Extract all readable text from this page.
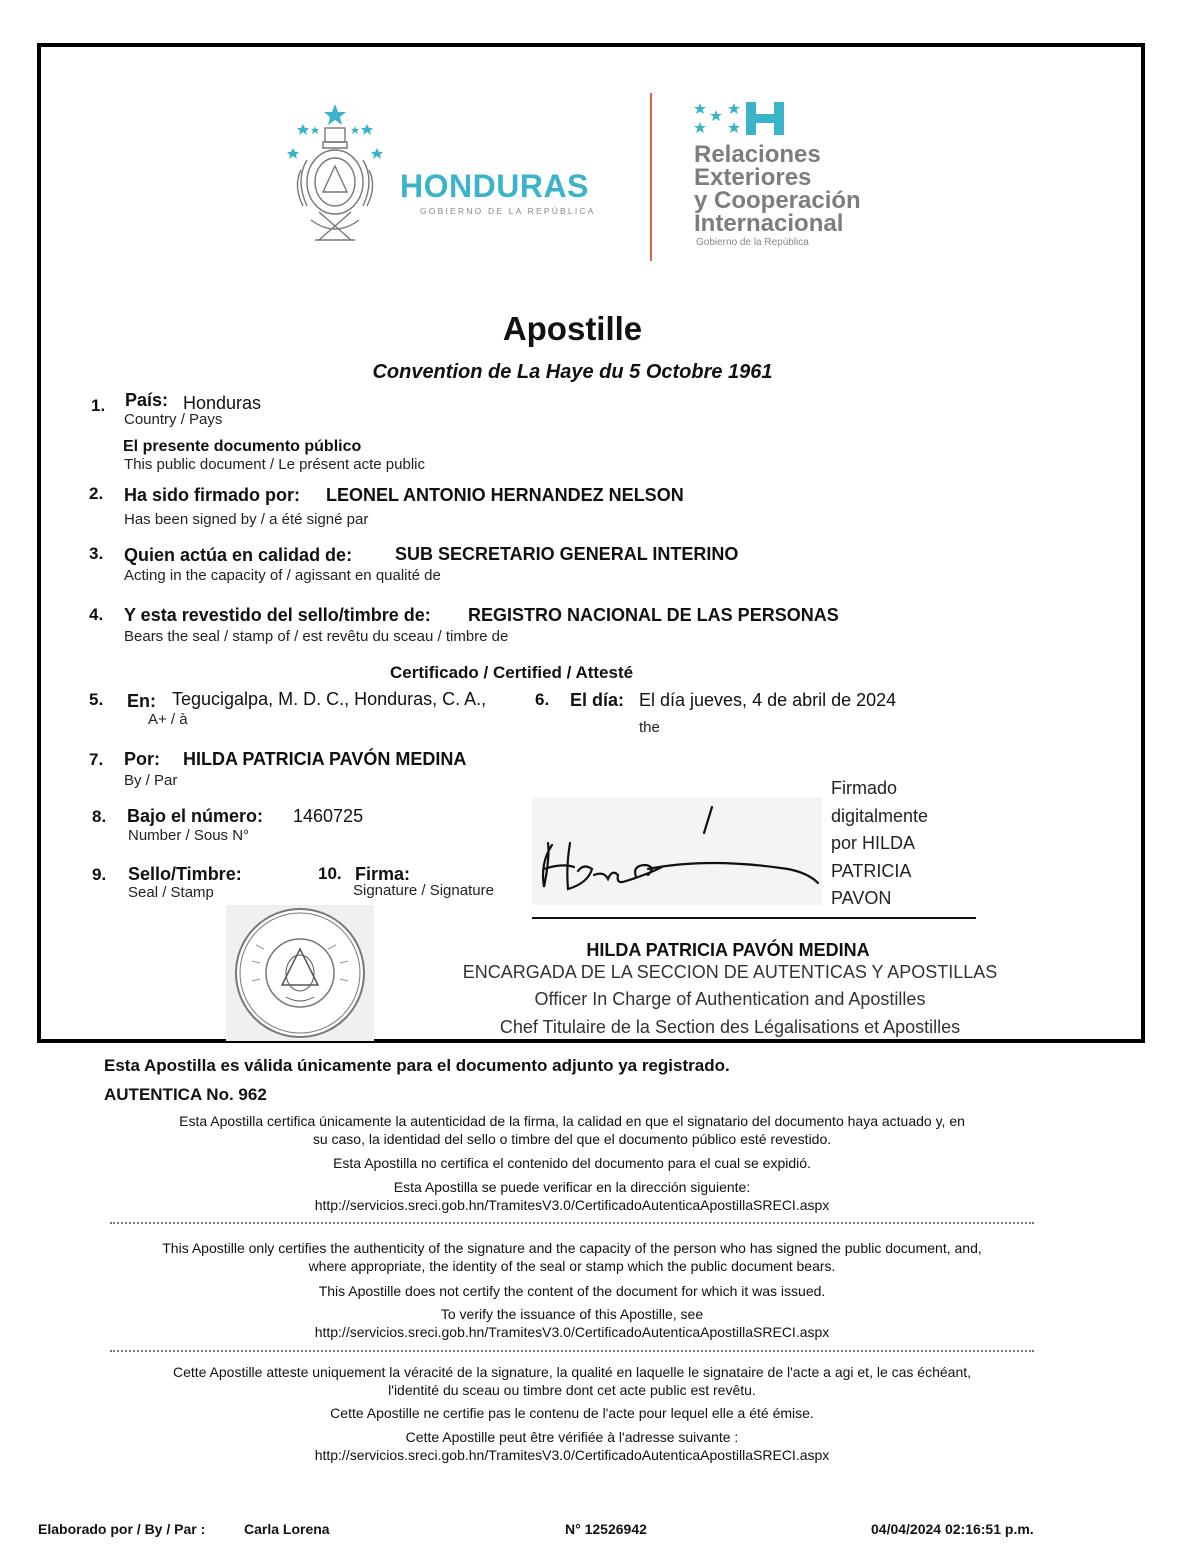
HONDURAS
GOBIERNO DE LA REPÚBLICA
Relaciones
Exteriores
y Cooperación
Internacional
Gobierno de la República
Apostille
Convention de La Haye du 5 Octobre 1961
1. País: Honduras
Country / Pays
El presente documento público
This public document / Le présent acte public
2. Ha sido firmado por: LEONEL ANTONIO HERNANDEZ NELSON
Has been signed by / a été signé par
3. Quien actúa en calidad de: SUB SECRETARIO GENERAL INTERINO
Acting in the capacity of / agissant en qualité de
4. Y esta revestido del sello/timbre de: REGISTRO NACIONAL DE LAS PERSONAS
Bears the seal / stamp of / est revêtu du sceau / timbre de
Certificado / Certified / Attesté
5. En: Tegucigalpa, M. D. C., Honduras, C. A.,
A+ / à
6. El día: El día jueves, 4 de abril de 2024
the
7. Por: HILDA PATRICIA PAVÓN MEDINA
By / Par	Firmado
digitalmente
por HILDA
PATRICIA
PAVON
8. Bajo el número: 1460725
Number / Sous N°
9. Sello/Timbre:
Seal / Stamp
10. Firma:
Signature / Signature
HILDA PATRICIA PAVÓN MEDINA
ENCARGADA DE LA SECCION DE AUTENTICAS Y APOSTILLAS
Officer In Charge of Authentication and Apostilles
Chef Titulaire de la Section des Légalisations et Apostilles
Esta Apostilla es válida únicamente para el documento adjunto ya registrado.
AUTENTICA No. 962
Esta Apostilla certifica únicamente la autenticidad de la firma, la calidad en que el signatario del documento haya actuado y, en
su caso, la identidad del sello o timbre del que el documento público esté revestido.
Esta Apostilla no certifica el contenido del documento para el cual se expidió.
Esta Apostilla se puede verificar en la dirección siguiente:
http://servicios.sreci.gob.hn/TramitesV3.0/CertificadoAutenticaApostillaSRECI.aspx
This Apostille only certifies the authenticity of the signature and the capacity of the person who has signed the public document, and,
where appropriate, the identity of the seal or stamp which the public document bears.
This Apostille does not certify the content of the document for which it was issued.
To verify the issuance of this Apostille, see
http://servicios.sreci.gob.hn/TramitesV3.0/CertificadoAutenticaApostillaSRECI.aspx
Cette Apostille atteste uniquement la véracité de la signature, la qualité en laquelle le signataire de l'acte a agi et, le cas échéant,
l'identité du sceau ou timbre dont cet acte public est revêtu.
Cette Apostille ne certifie pas le contenu de l'acte pour lequel elle a été émise.
Cette Apostille peut être vérifiée à l'adresse suivante :
http://servicios.sreci.gob.hn/TramitesV3.0/CertificadoAutenticaApostillaSRECI.aspx
Elaborado por / By / Par :	Carla Lorena	N° 12526942	04/04/2024 02:16:51 p.m.
